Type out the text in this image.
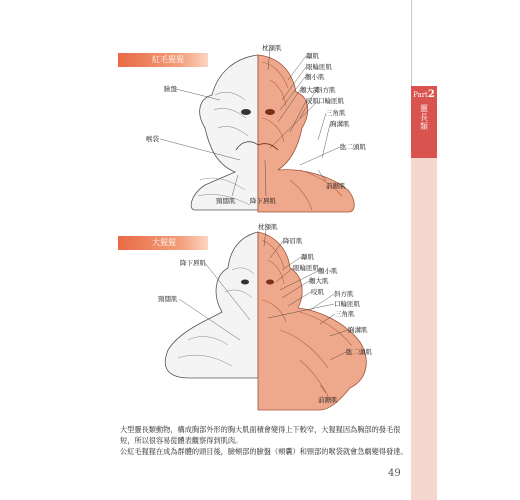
Part2
靈長類
紅毛猩猩
大猩猩
枕額肌
顳肌
眼輪匝肌
顴小肌
顴大肌
斜方肌
咬肌 口輪匝肌
三角肌
胸溝肌
肱二頭肌
前鋸肌
降下唇肌
頸闊肌
臉盤
喉袋
枕額肌
降眉肌
顳肌
眼輪匝肌 顴小肌
顴大肌
咬肌 斜方肌
口輪匝肌
三角肌
胸溝肌
肱二頭肌
前鋸肌
降下唇肌
頸闊肌

大型靈長類動物，構成胸部外形的胸大肌面積會變得上下較窄，大猩猩因為胸部的發毛很短，所以很容易從體表觀察得到肌肉。

公紅毛猩猩在成為群體的頭目後，臉頰部的臉盤（頰囊）和頸部的喉袋就會急劇變得發達。

49
